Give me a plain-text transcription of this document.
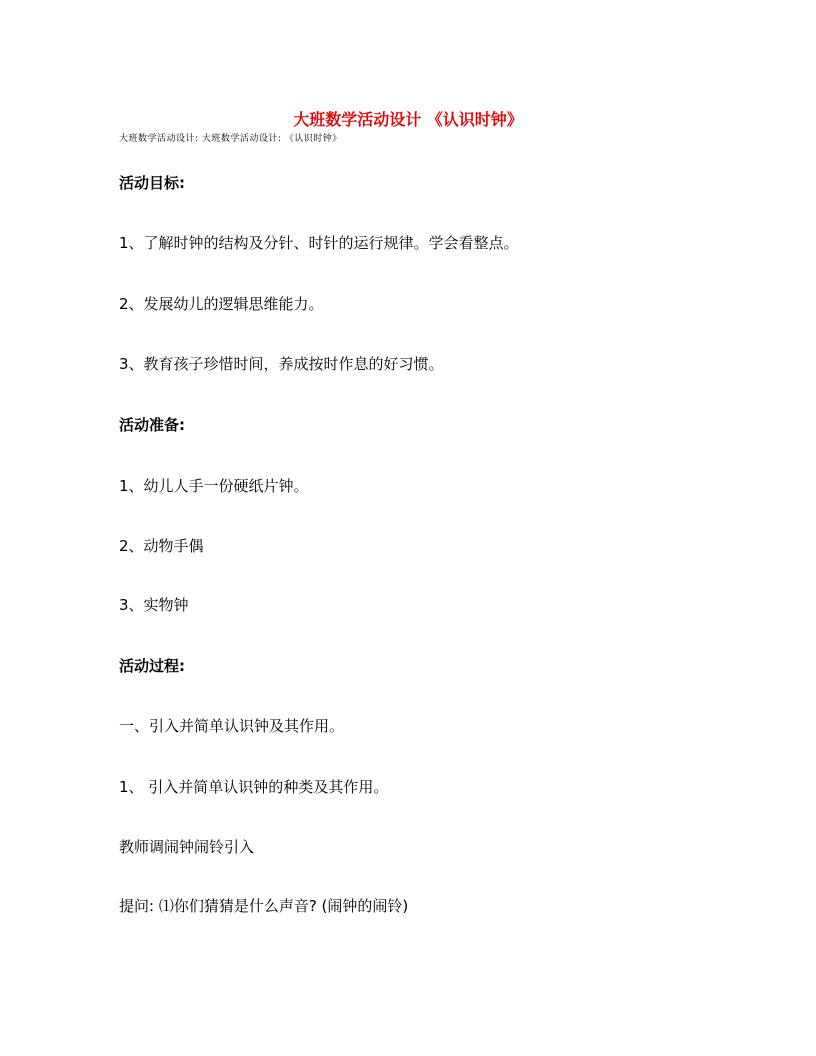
大班数学活动设计 《认识时钟》
大班数学活动设计: 大班数学活动设计: 《认识时钟》
活动目标:
1、了解时钟的结构及分针、时针的运行规律。学会看整点。
2、发展幼儿的逻辑思维能力。
3、教育孩子珍惜时间，养成按时作息的好习惯。
活动准备:
1、幼儿人手一份硬纸片钟。
2、动物手偶
3、实物钟
活动过程:
一、引入并简单认识钟及其作用。
1、 引入并简单认识钟的种类及其作用。
教师调闹钟闹铃引入
提问: ⑴你们猜猜是什么声音? (闹钟的闹铃)
